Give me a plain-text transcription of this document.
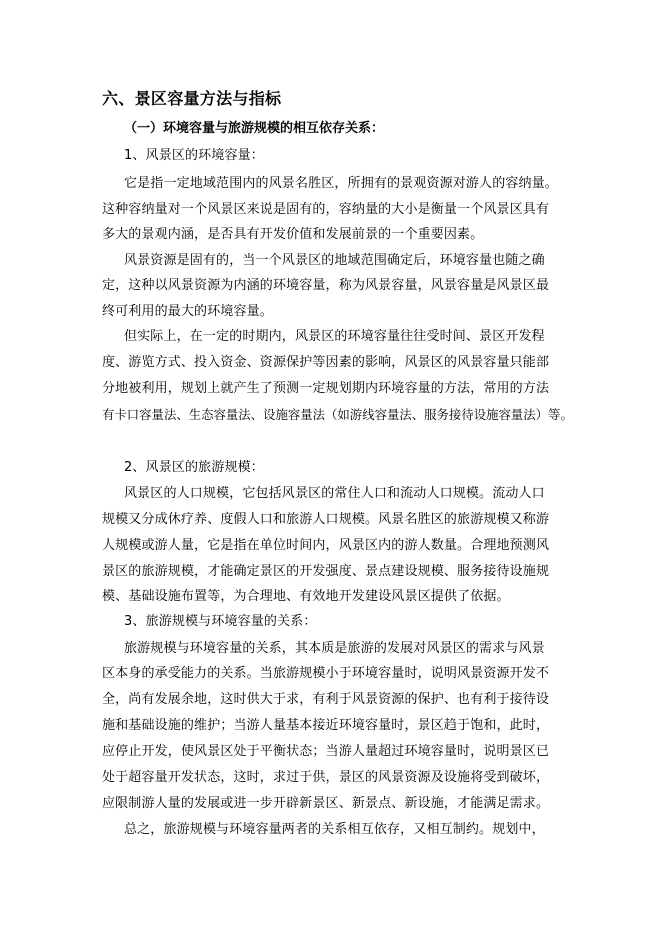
六、景区容量方法与指标
（一）环境容量与旅游规模的相互依存关系：
1、风景区的环境容量：
它是指一定地域范围内的风景名胜区，所拥有的景观资源对游人的容纳量。
这种容纳量对一个风景区来说是固有的，容纳量的大小是衡量一个风景区具有
多大的景观内涵，是否具有开发价值和发展前景的一个重要因素。
风景资源是固有的，当一个风景区的地域范围确定后，环境容量也随之确
定，这种以风景资源为内涵的环境容量，称为风景容量，风景容量是风景区最
终可利用的最大的环境容量。
但实际上，在一定的时期内，风景区的环境容量往往受时间、景区开发程
度、游览方式、投入资金、资源保护等因素的影响，风景区的风景容量只能部
分地被利用，规划上就产生了预测一定规划期内环境容量的方法，常用的方法
有卡口容量法、生态容量法、设施容量法（如游线容量法、服务接待设施容量法）等。
2、风景区的旅游规模：
风景区的人口规模，它包括风景区的常住人口和流动人口规模。流动人口
规模又分成休疗养、度假人口和旅游人口规模。风景名胜区的旅游规模又称游
人规模或游人量，它是指在单位时间内，风景区内的游人数量。合理地预测风
景区的旅游规模，才能确定景区的开发强度、景点建设规模、服务接待设施规
模、基础设施布置等，为合理地、有效地开发建设风景区提供了依据。
3、旅游规模与环境容量的关系：
旅游规模与环境容量的关系，其本质是旅游的发展对风景区的需求与风景
区本身的承受能力的关系。当旅游规模小于环境容量时，说明风景资源开发不
全，尚有发展余地，这时供大于求，有利于风景资源的保护、也有利于接待设
施和基础设施的维护；当游人量基本接近环境容量时，景区趋于饱和，此时，
应停止开发，使风景区处于平衡状态；当游人量超过环境容量时，说明景区已
处于超容量开发状态，这时，求过于供，景区的风景资源及设施将受到破坏，
应限制游人量的发展或进一步开辟新景区、新景点、新设施，才能满足需求。
总之，旅游规模与环境容量两者的关系相互依存，又相互制约。规划中，
